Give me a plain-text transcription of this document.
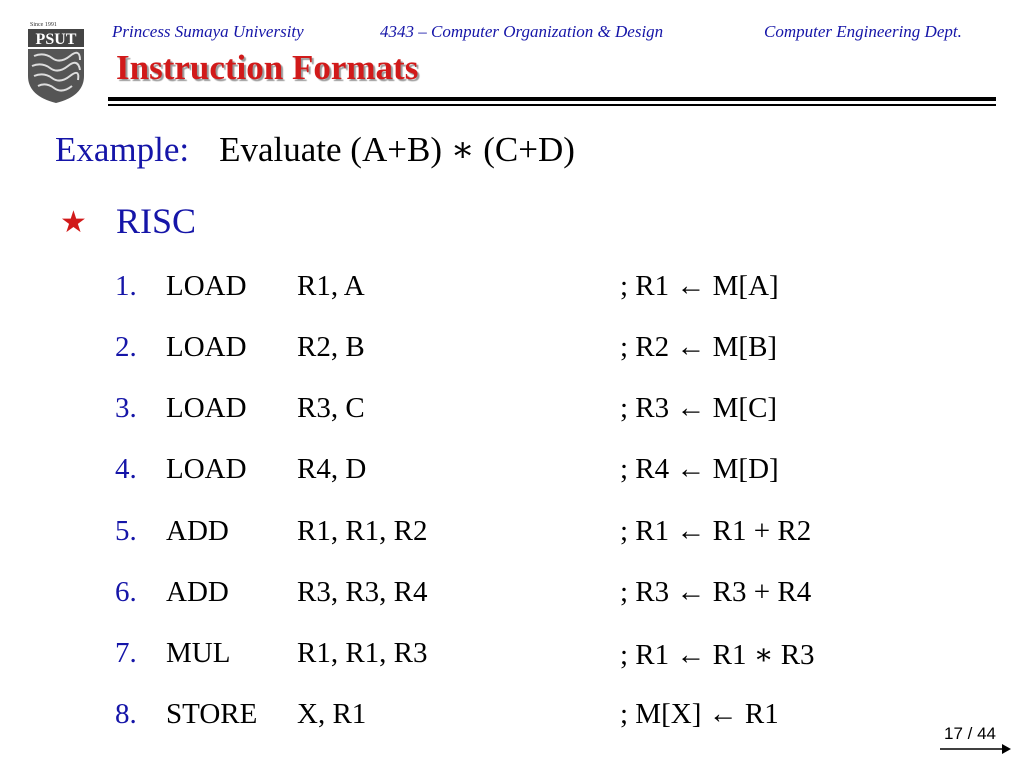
Since 1991
PSUT Princess Sumaya University	4343 – Computer Organization & Design	Computer Engineering Dept.
Instruction Formats
Example: Evaluate (A+B) ∗ (C+D)
★ RISC
1. LOAD R1, A	; R1 ← M[A]
2. LOAD R2, B	; R2 ← M[B]
3. LOAD R3, C	; R3 ← M[C]
4. LOAD R4, D	; R4 ← M[D]
5. ADD R1, R1, R2	; R1 ← R1 + R2
6. ADD R3, R3, R4	; R3 ← R3 + R4
7. MUL R1, R1, R3	; R1 ← R1 ∗ R3
8. STORE X, R1	; M[X] ← R1
17 / 44
